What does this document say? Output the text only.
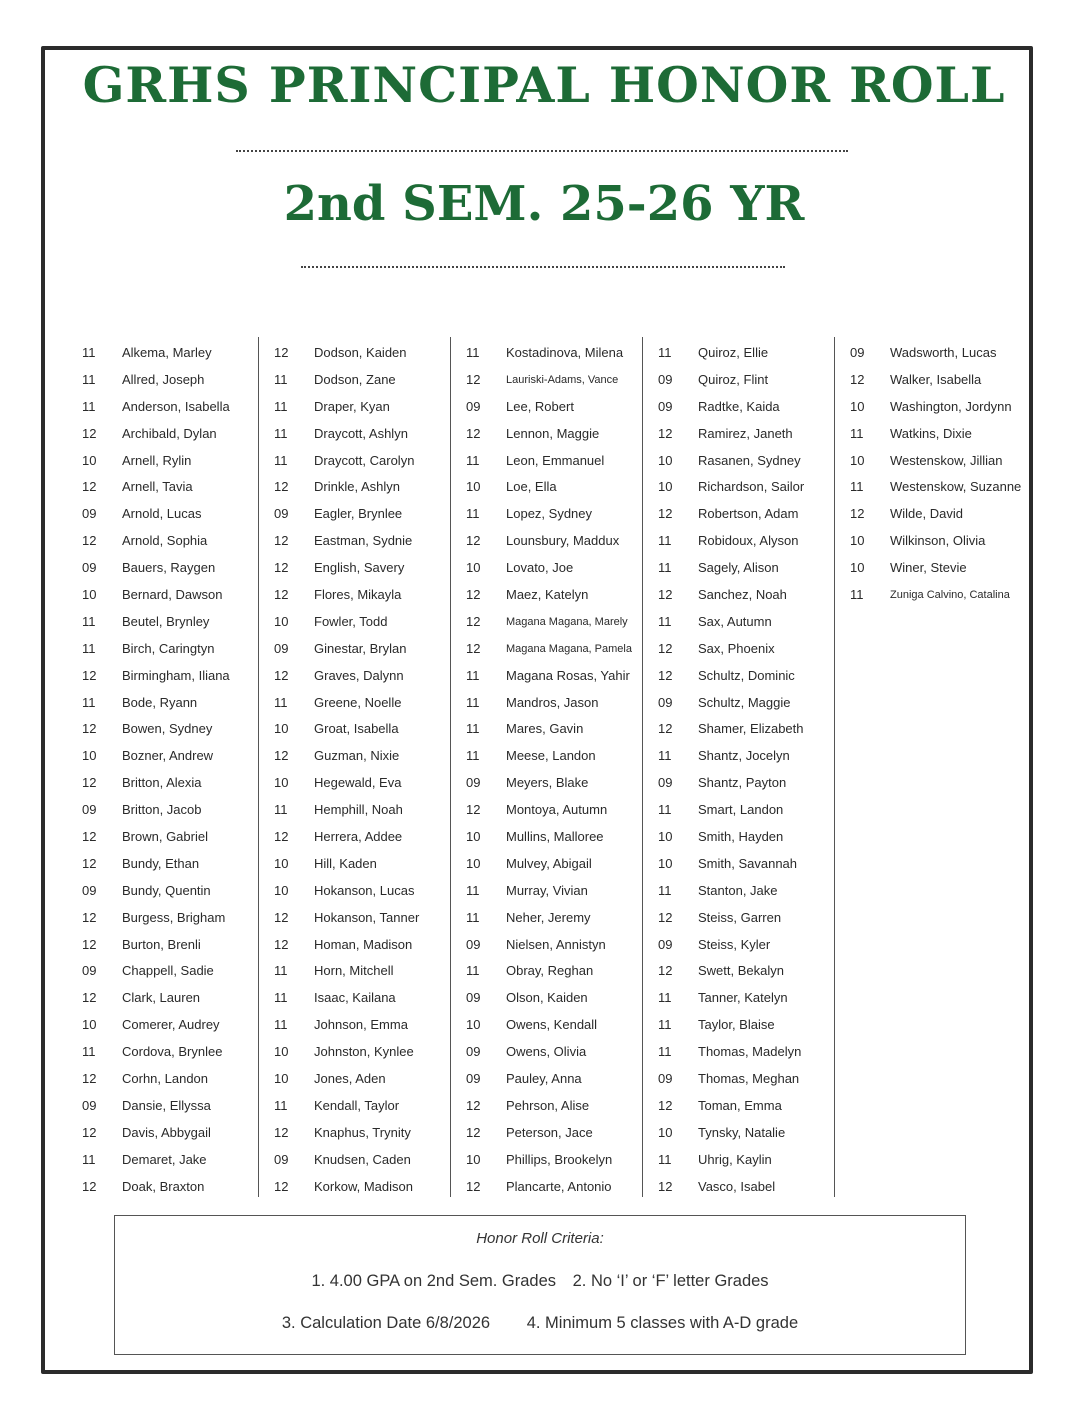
GRHS PRINCIPAL HONOR ROLL
2nd SEM. 25-26 YR
11 Alkema, Marley
11 Allred, Joseph
11 Anderson, Isabella
12 Archibald, Dylan
10 Arnell, Rylin
12 Arnell, Tavia
09 Arnold, Lucas
12 Arnold, Sophia
09 Bauers, Raygen
10 Bernard, Dawson
11 Beutel, Brynley
11 Birch, Caringtyn
12 Birmingham, Iliana
11 Bode, Ryann
12 Bowen, Sydney
10 Bozner, Andrew
12 Britton, Alexia
09 Britton, Jacob
12 Brown, Gabriel
12 Bundy, Ethan
09 Bundy, Quentin
12 Burgess, Brigham
12 Burton, Brenli
09 Chappell, Sadie
12 Clark, Lauren
10 Comerer, Audrey
11 Cordova, Brynlee
12 Corhn, Landon
09 Dansie, Ellyssa
12 Davis, Abbygail
11 Demaret, Jake
12 Doak, Braxton
12 Dodson, Kaiden
11 Dodson, Zane
11 Draper, Kyan
11 Draycott, Ashlyn
11 Draycott, Carolyn
12 Drinkle, Ashlyn
09 Eagler, Brynlee
12 Eastman, Sydnie
12 English, Savery
12 Flores, Mikayla
10 Fowler, Todd
09 Ginestar, Brylan
12 Graves, Dalynn
11 Greene, Noelle
10 Groat, Isabella
12 Guzman, Nixie
10 Hegewald, Eva
11 Hemphill, Noah
12 Herrera, Addee
10 Hill, Kaden
10 Hokanson, Lucas
12 Hokanson, Tanner
12 Homan, Madison
11 Horn, Mitchell
11 Isaac, Kailana
11 Johnson, Emma
10 Johnston, Kynlee
10 Jones, Aden
11 Kendall, Taylor
12 Knaphus, Trynity
09 Knudsen, Caden
12 Korkow, Madison
11 Kostadinova, Milena
12 Lauriski-Adams, Vance
09 Lee, Robert
12 Lennon, Maggie
11 Leon, Emmanuel
10 Loe, Ella
11 Lopez, Sydney
12 Lounsbury, Maddux
10 Lovato, Joe
12 Maez, Katelyn
12 Magana Magana, Marely
12 Magana Magana, Pamela
11 Magana Rosas, Yahir
11 Mandros, Jason
11 Mares, Gavin
11 Meese, Landon
09 Meyers, Blake
12 Montoya, Autumn
10 Mullins, Malloree
10 Mulvey, Abigail
11 Murray, Vivian
11 Neher, Jeremy
09 Nielsen, Annistyn
11 Obray, Reghan
09 Olson, Kaiden
10 Owens, Kendall
09 Owens, Olivia
09 Pauley, Anna
12 Pehrson, Alise
12 Peterson, Jace
10 Phillips, Brookelyn
12 Plancarte, Antonio
11 Quiroz, Ellie
09 Quiroz, Flint
09 Radtke, Kaida
12 Ramirez, Janeth
10 Rasanen, Sydney
10 Richardson, Sailor
12 Robertson, Adam
11 Robidoux, Alyson
11 Sagely, Alison
12 Sanchez, Noah
11 Sax, Autumn
12 Sax, Phoenix
12 Schultz, Dominic
09 Schultz, Maggie
12 Shamer, Elizabeth
11 Shantz, Jocelyn
09 Shantz, Payton
11 Smart, Landon
10 Smith, Hayden
10 Smith, Savannah
11 Stanton, Jake
12 Steiss, Garren
09 Steiss, Kyler
12 Swett, Bekalyn
11 Tanner, Katelyn
11 Taylor, Blaise
11 Thomas, Madelyn
09 Thomas, Meghan
12 Toman, Emma
10 Tynsky, Natalie
11 Uhrig, Kaylin
12 Vasco, Isabel
09 Wadsworth, Lucas
12 Walker, Isabella
10 Washington, Jordynn
11 Watkins, Dixie
10 Westenskow, Jillian
11 Westenskow, Suzanne
12 Wilde, David
10 Wilkinson, Olivia
10 Winer, Stevie
11 Zuniga Calvino, Catalina
Honor Roll Criteria:
1. 4.00 GPA on 2nd Sem. Grades 2. No ‘I’ or ‘F’ letter Grades
3. Calculation Date 6/8/2026 4. Minimum 5 classes with A-D grade
